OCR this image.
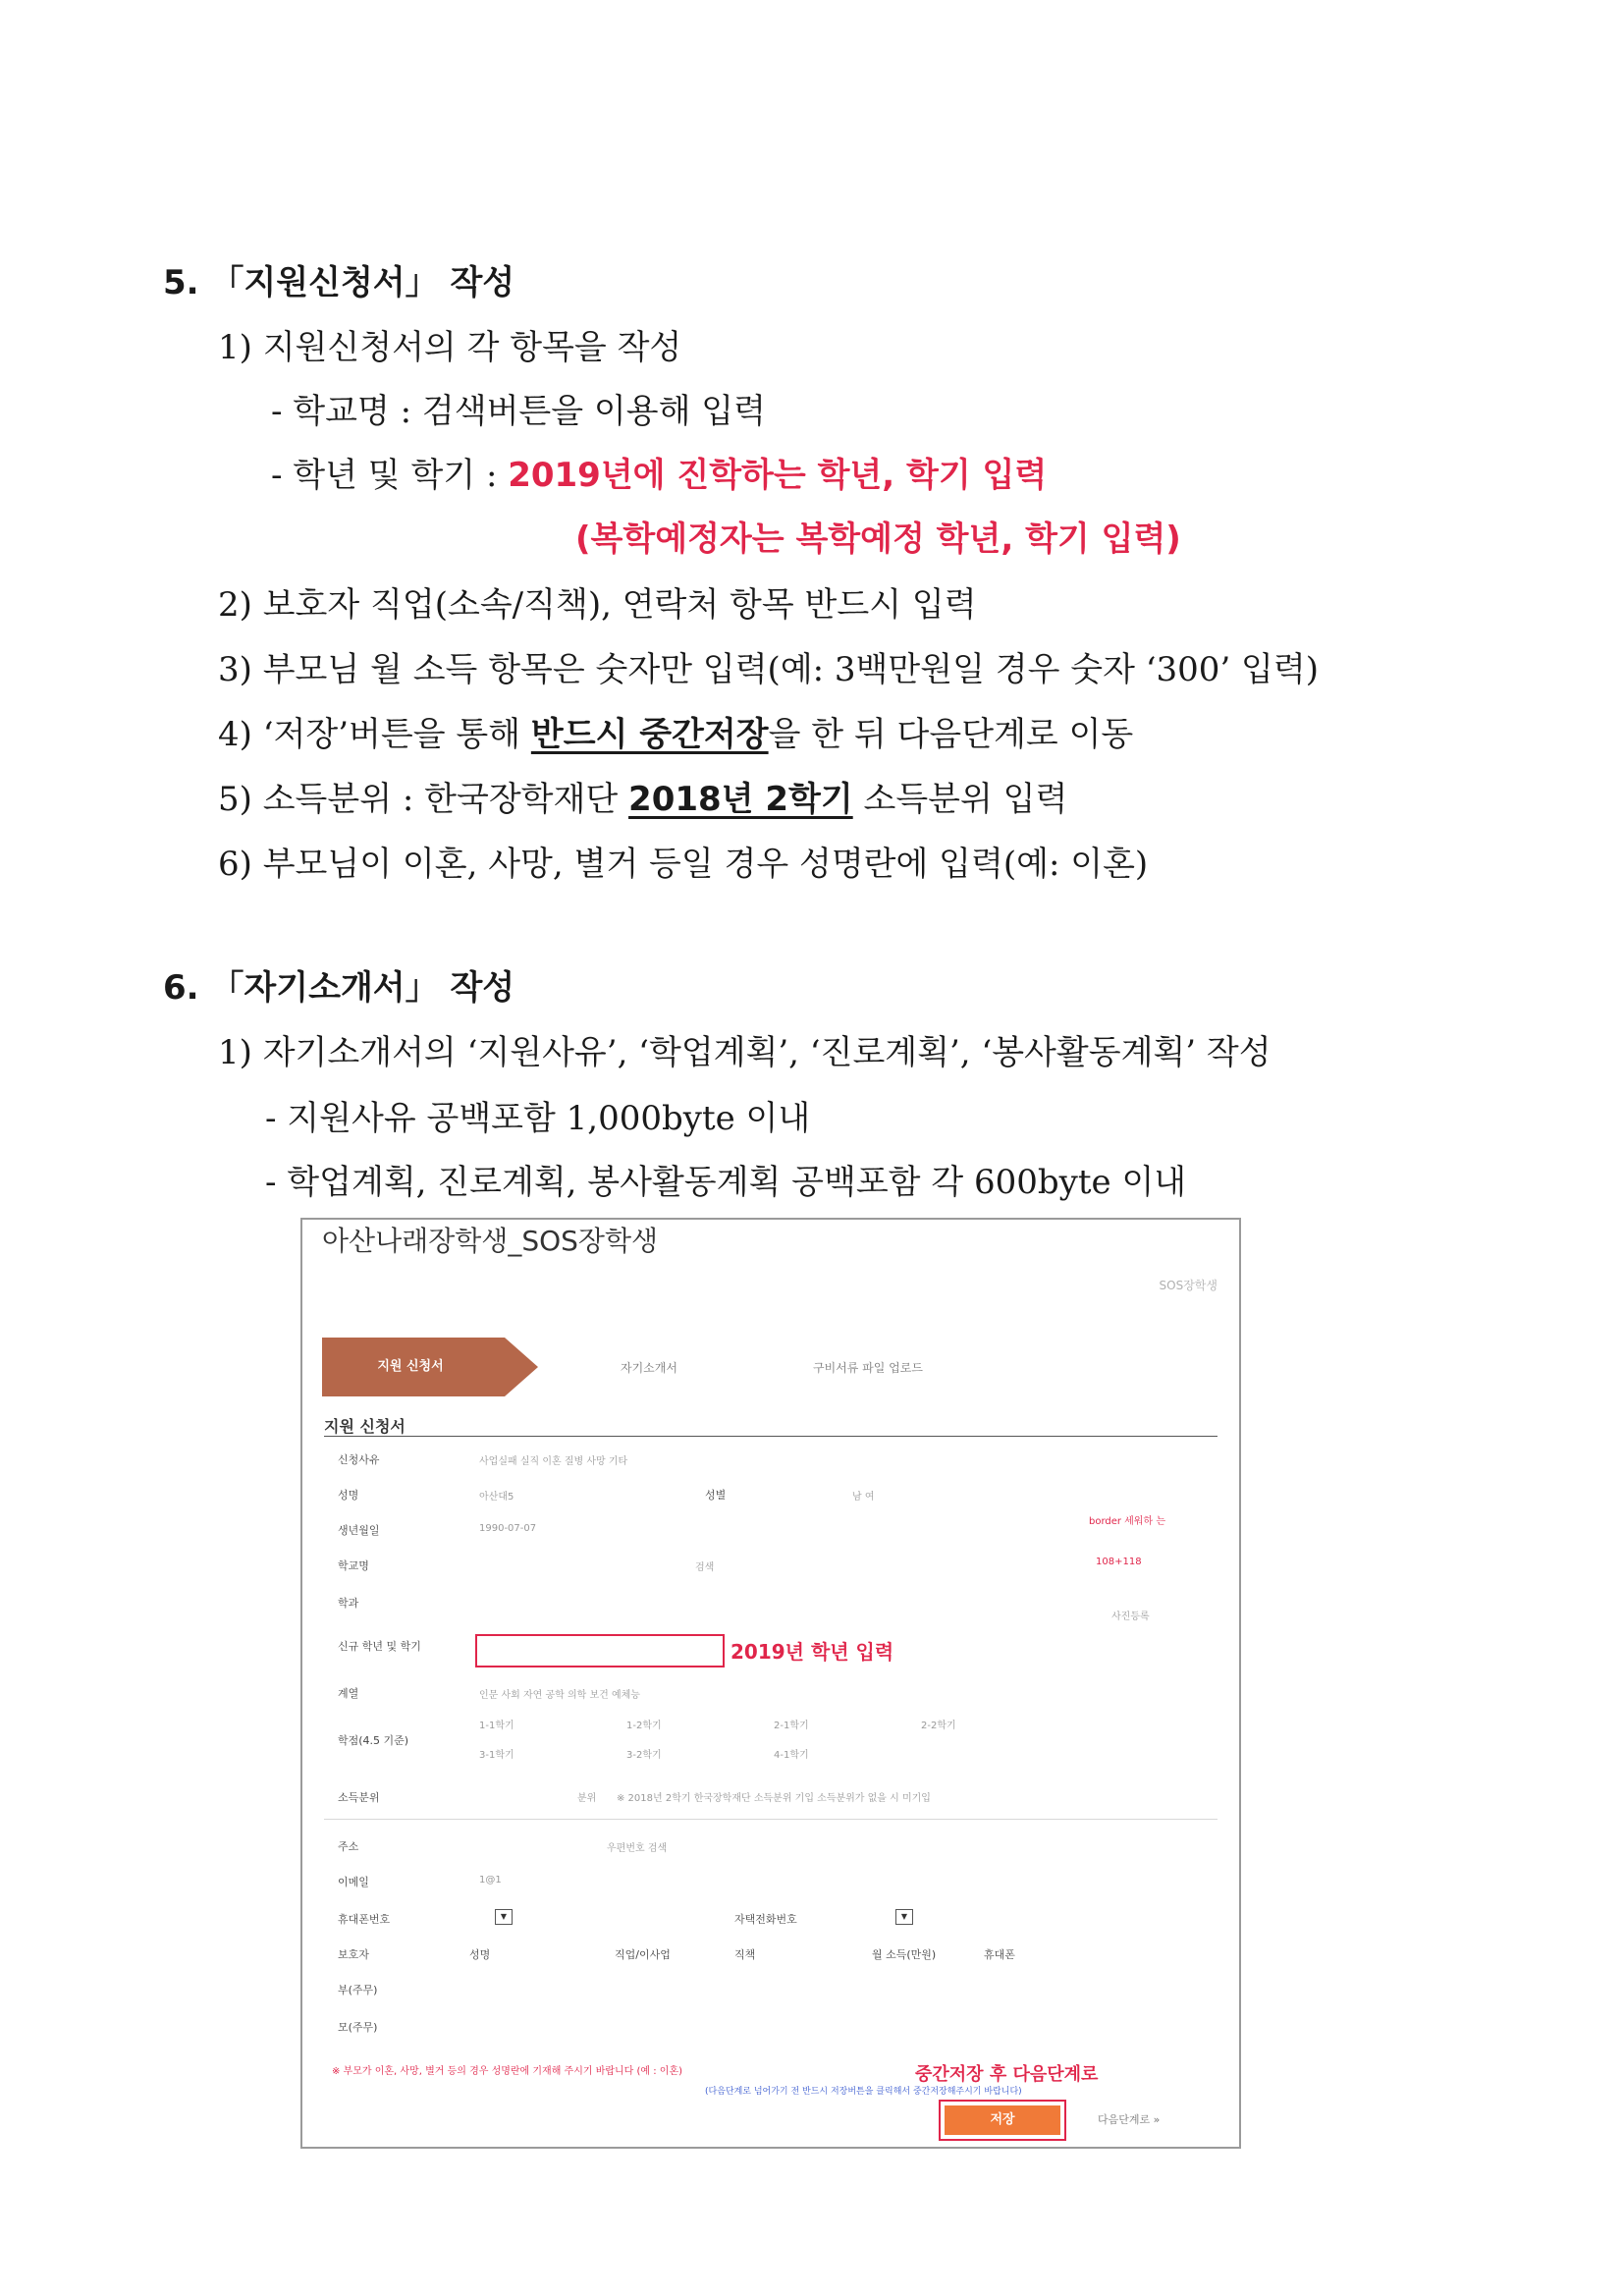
5. 「지원신청서」 작성
1) 지원신청서의 각 항목을 작성
- 학교명 : 검색버튼을 이용해 입력
- 학년 및 학기 : 2019년에 진학하는 학년, 학기 입력
(복학예정자는 복학예정 학년, 학기 입력)
2) 보호자 직업(소속/직책), 연락처 항목 반드시 입력
3) 부모님 월 소득 항목은 숫자만 입력(예: 3백만원일 경우 숫자 ‘300’ 입력)
4) ‘저장’버튼을 통해 반드시 중간저장을 한 뒤 다음단계로 이동
5) 소득분위 : 한국장학재단 2018년 2학기 소득분위 입력
6) 부모님이 이혼, 사망, 별거 등일 경우 성명란에 입력(예: 이혼)
6. 「자기소개서」 작성
1) 자기소개서의 ‘지원사유’, ‘학업계획’, ‘진로계획’, ‘봉사활동계획’ 작성
- 지원사유 공백포함 1,000byte 이내
- 학업계획, 진로계획, 봉사활동계획 공백포함 각 600byte 이내
아산나래장학생_SOS장학생
SOS장학생
지원 신청서	자기소개서	구비서류 파일 업로드
지원 신청서
신청사유	사업실패 실직 이혼 질병 사망 기타
성명	아산대5	성별	남 여
생년월일	1990-07-07
border 세워하 는
학교명	검색
108+118
학과
사진등록
신규 학년 및 학기	2019년 학년 입력
계열	인문 사회 자연 공학 의학 보건 예체능
학점(4.5 기준)
1-1학기	1-2학기	2-1학기	2-2학기
3-1학기	3-2학기	4-1학기
소득분위	분위 ※ 2018년 2학기 한국장학재단 소득분위 기입 소득분위가 없을 시 미기입
주소	우편번호 검색
이메일	1@1
휴대폰번호	▼	자택전화번호	▼
보호자	성명	직업/이사업	직책	월 소득(만원)	휴대폰
부(주무)
모(주무)
※ 부모가 이혼, 사망, 별거 등의 경우 성명란에 기재해 주시기 바랍니다 (예 : 이혼)	중간저장 후 다음단계로
(다음단계로 넘어가기 전 반드시 저장버튼을 클릭해서 중간저장해주시기 바랍니다)
저장	다음단계로 »
